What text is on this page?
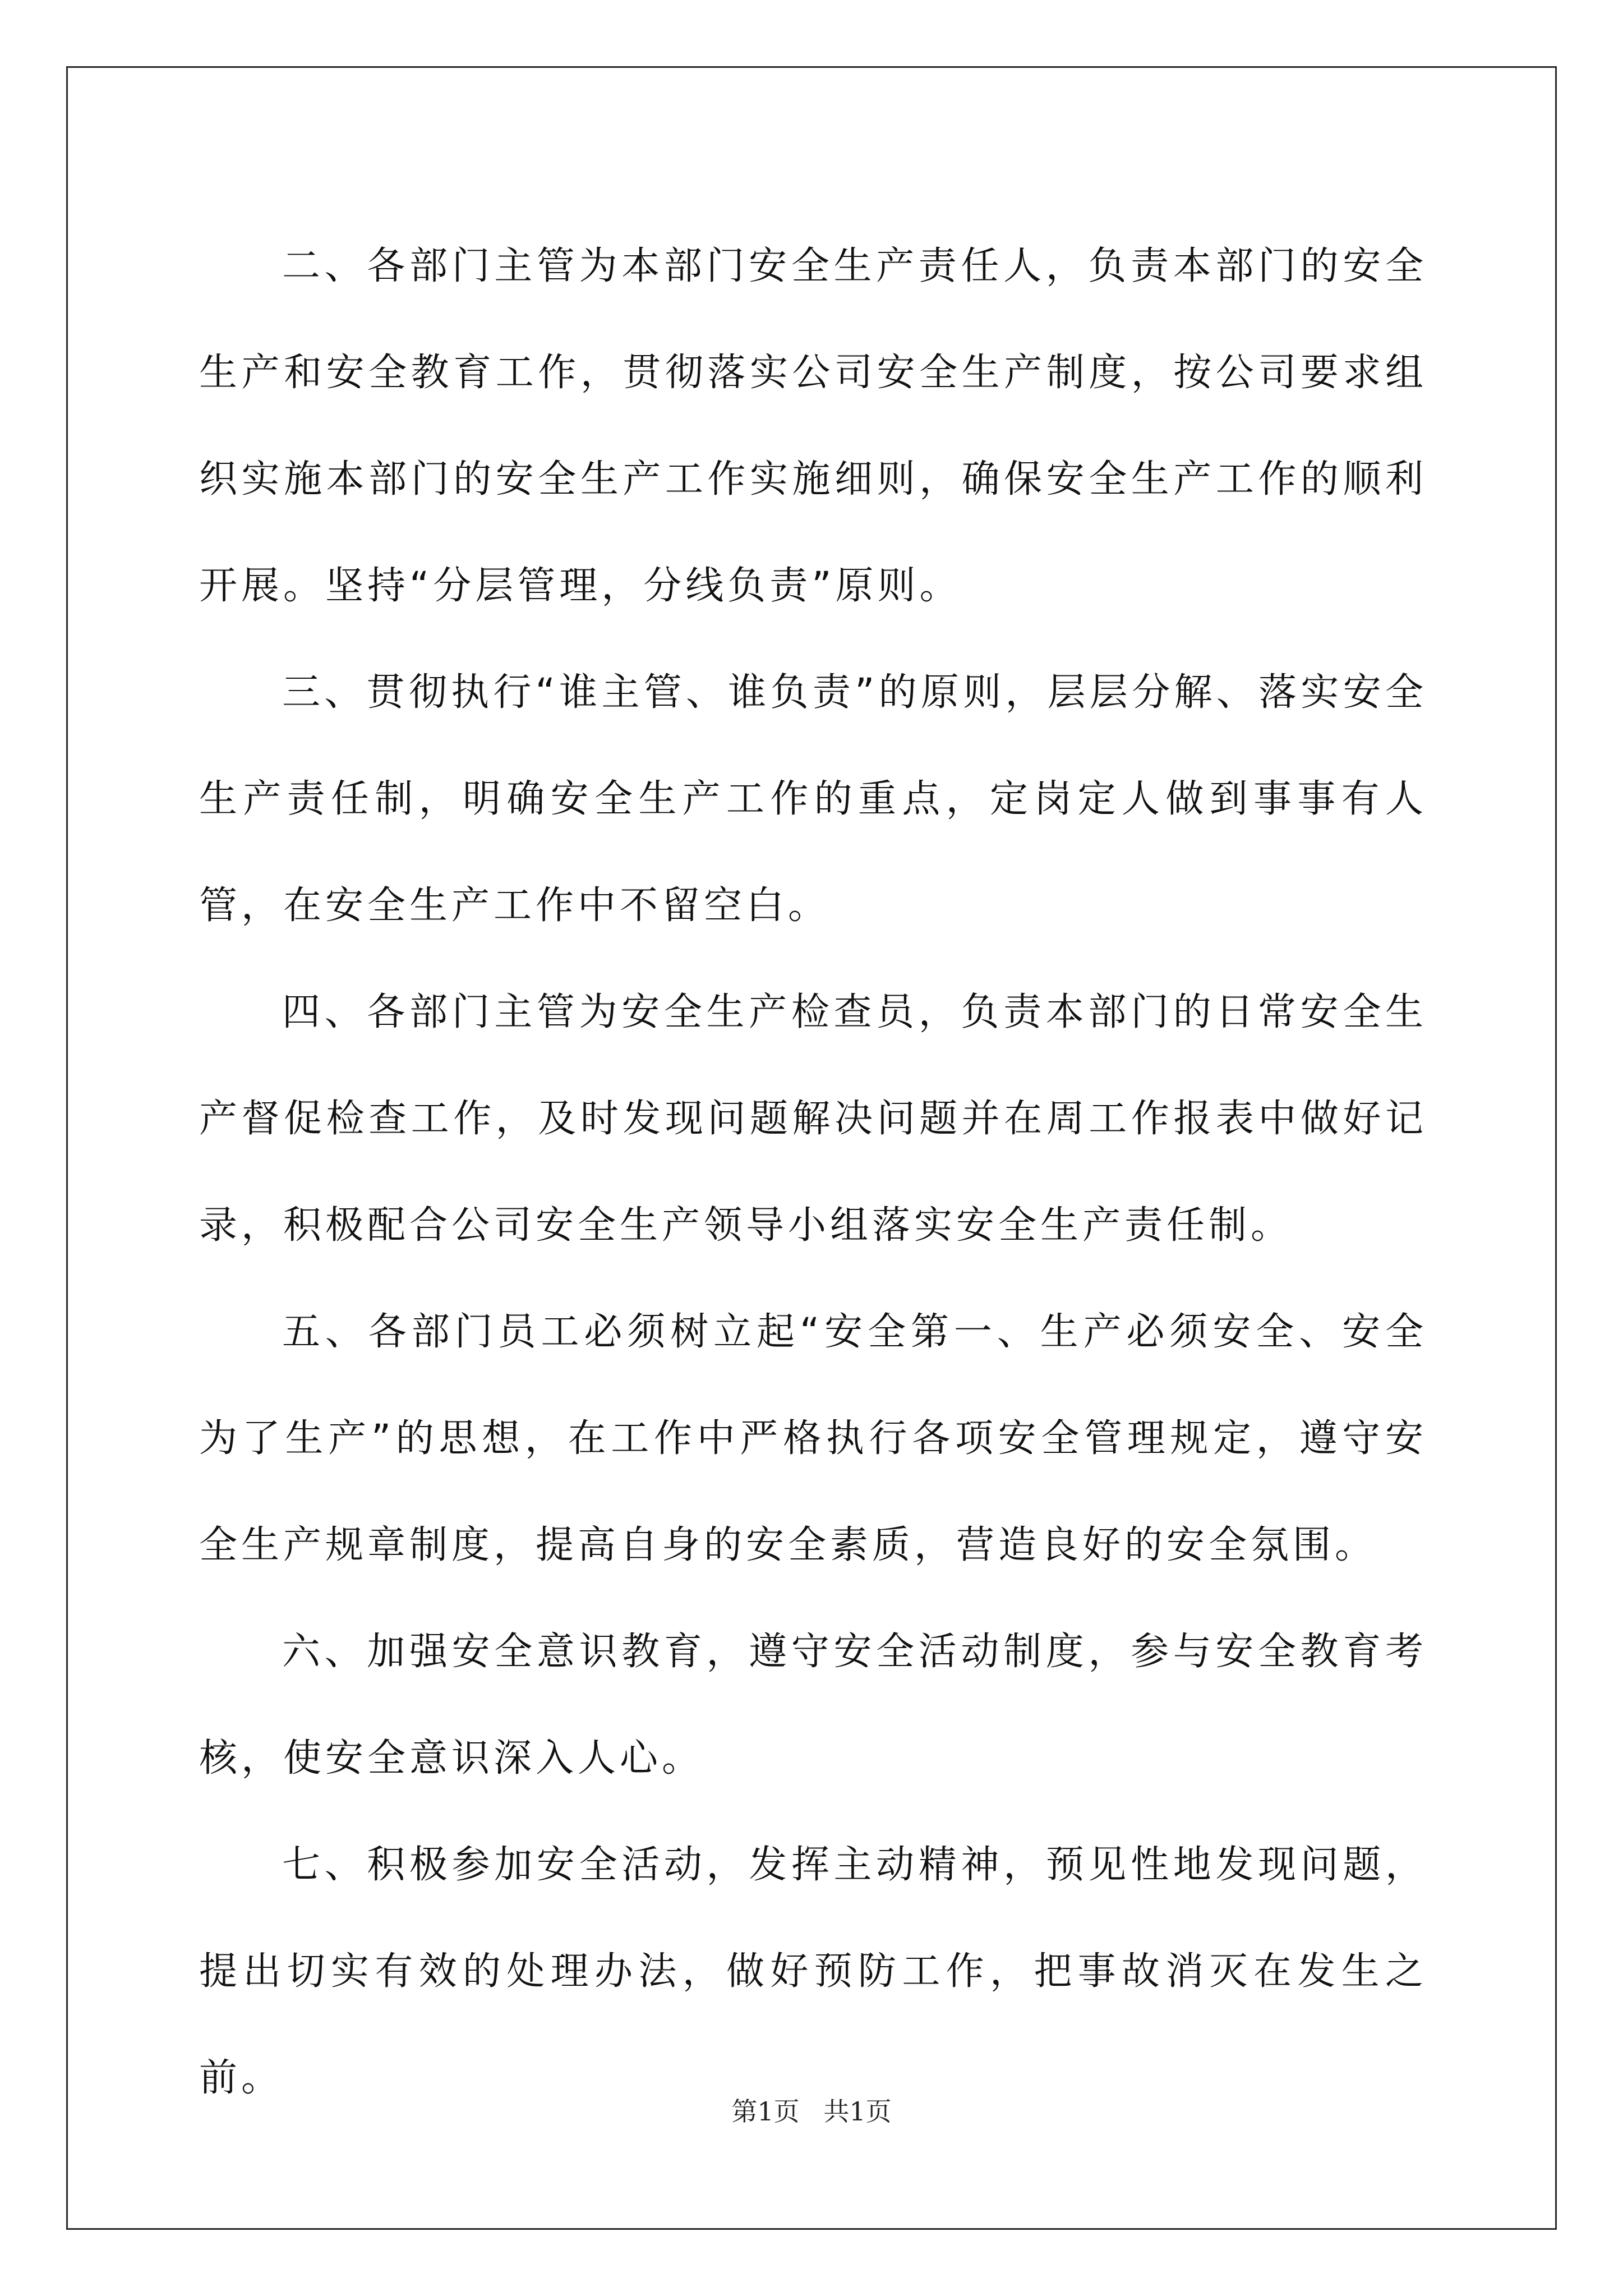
二、各部门主管为本部门安全生产责任人，负责本部门的安全生产和安全教育工作，贯彻落实公司安全生产制度，按公司要求组织实施本部门的安全生产工作实施细则，确保安全生产工作的顺利开展。坚持“分层管理，分线负责”原则。

三、贯彻执行“谁主管、谁负责”的原则，层层分解、落实安全生产责任制，明确安全生产工作的重点，定岗定人做到事事有人管，在安全生产工作中不留空白。

四、各部门主管为安全生产检查员，负责本部门的日常安全生产督促检查工作，及时发现问题解决问题并在周工作报表中做好记录，积极配合公司安全生产领导小组落实安全生产责任制。

五、各部门员工必须树立起“安全第一、生产必须安全、安全为了生产”的思想，在工作中严格执行各项安全管理规定，遵守安全生产规章制度，提高自身的安全素质，营造良好的安全氛围。

六、加强安全意识教育，遵守安全活动制度，参与安全教育考核，使安全意识深入人心。

七、积极参加安全活动，发挥主动精神，预见性地发现问题，提出切实有效的处理办法，做好预防工作，把事故消灭在发生之前。

第1页 共1页
